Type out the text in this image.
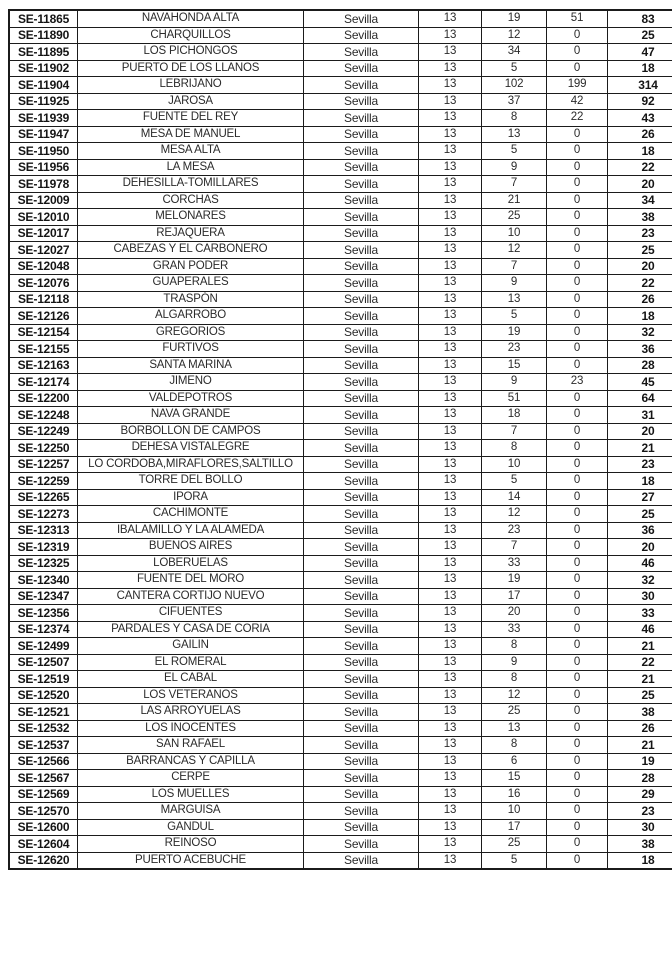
SE-11865	NAVAHONDA ALTA	Sevilla	13	19	51	83
SE-11890	CHARQUILLOS	Sevilla	13	12	0	25
SE-11895	LOS PICHONGOS	Sevilla	13	34	0	47
SE-11902	PUERTO DE LOS LLANOS	Sevilla	13	5	0	18
SE-11904	LEBRIJANO	Sevilla	13	102	199	314
SE-11925	JAROSA	Sevilla	13	37	42	92
SE-11939	FUENTE DEL REY	Sevilla	13	8	22	43
SE-11947	MESA DE MANUEL	Sevilla	13	13	0	26
SE-11950	MESA ALTA	Sevilla	13	5	0	18
SE-11956	LA MESA	Sevilla	13	9	0	22
SE-11978	DEHESILLA-TOMILLARES	Sevilla	13	7	0	20
SE-12009	CORCHAS	Sevilla	13	21	0	34
SE-12010	MELONARES	Sevilla	13	25	0	38
SE-12017	REJAQUERA	Sevilla	13	10	0	23
SE-12027	CABEZAS Y EL CARBONERO	Sevilla	13	12	0	25
SE-12048	GRAN PODER	Sevilla	13	7	0	20
SE-12076	GUAPERALES	Sevilla	13	9	0	22
SE-12118	TRASPÓN	Sevilla	13	13	0	26
SE-12126	ALGARROBO	Sevilla	13	5	0	18
SE-12154	GREGORIOS	Sevilla	13	19	0	32
SE-12155	FURTIVOS	Sevilla	13	23	0	36
SE-12163	SANTA MARINA	Sevilla	13	15	0	28
SE-12174	JIMENO	Sevilla	13	9	23	45
SE-12200	VALDEPOTROS	Sevilla	13	51	0	64
SE-12248	NAVA GRANDE	Sevilla	13	18	0	31
SE-12249	BORBOLLON DE CAMPOS	Sevilla	13	7	0	20
SE-12250	DEHESA VISTALEGRE	Sevilla	13	8	0	21
SE-12257	LO CORDOBA,MIRAFLORES,SALTILLO	Sevilla	13	10	0	23
SE-12259	TORRE DEL BOLLO	Sevilla	13	5	0	18
SE-12265	IPORA	Sevilla	13	14	0	27
SE-12273	CACHIMONTE	Sevilla	13	12	0	25
SE-12313	IBALAMILLO Y LA ALAMEDA	Sevilla	13	23	0	36
SE-12319	BUENOS AIRES	Sevilla	13	7	0	20
SE-12325	LOBERUELAS	Sevilla	13	33	0	46
SE-12340	FUENTE DEL MORO	Sevilla	13	19	0	32
SE-12347	CANTERA CORTIJO NUEVO	Sevilla	13	17	0	30
SE-12356	CIFUENTES	Sevilla	13	20	0	33
SE-12374	PARDALES Y CASA DE CORIA	Sevilla	13	33	0	46
SE-12499	GAILIN	Sevilla	13	8	0	21
SE-12507	EL ROMERAL	Sevilla	13	9	0	22
SE-12519	EL CABAL	Sevilla	13	8	0	21
SE-12520	LOS VETERANOS	Sevilla	13	12	0	25
SE-12521	LAS ARROYUELAS	Sevilla	13	25	0	38
SE-12532	LOS INOCENTES	Sevilla	13	13	0	26
SE-12537	SAN RAFAEL	Sevilla	13	8	0	21
SE-12566	BARRANCAS Y CAPILLA	Sevilla	13	6	0	19
SE-12567	CERPE	Sevilla	13	15	0	28
SE-12569	LOS MUELLES	Sevilla	13	16	0	29
SE-12570	MARGUISA	Sevilla	13	10	0	23
SE-12600	GANDUL	Sevilla	13	17	0	30
SE-12604	REINOSO	Sevilla	13	25	0	38
SE-12620	PUERTO ACEBUCHE	Sevilla	13	5	0	18
